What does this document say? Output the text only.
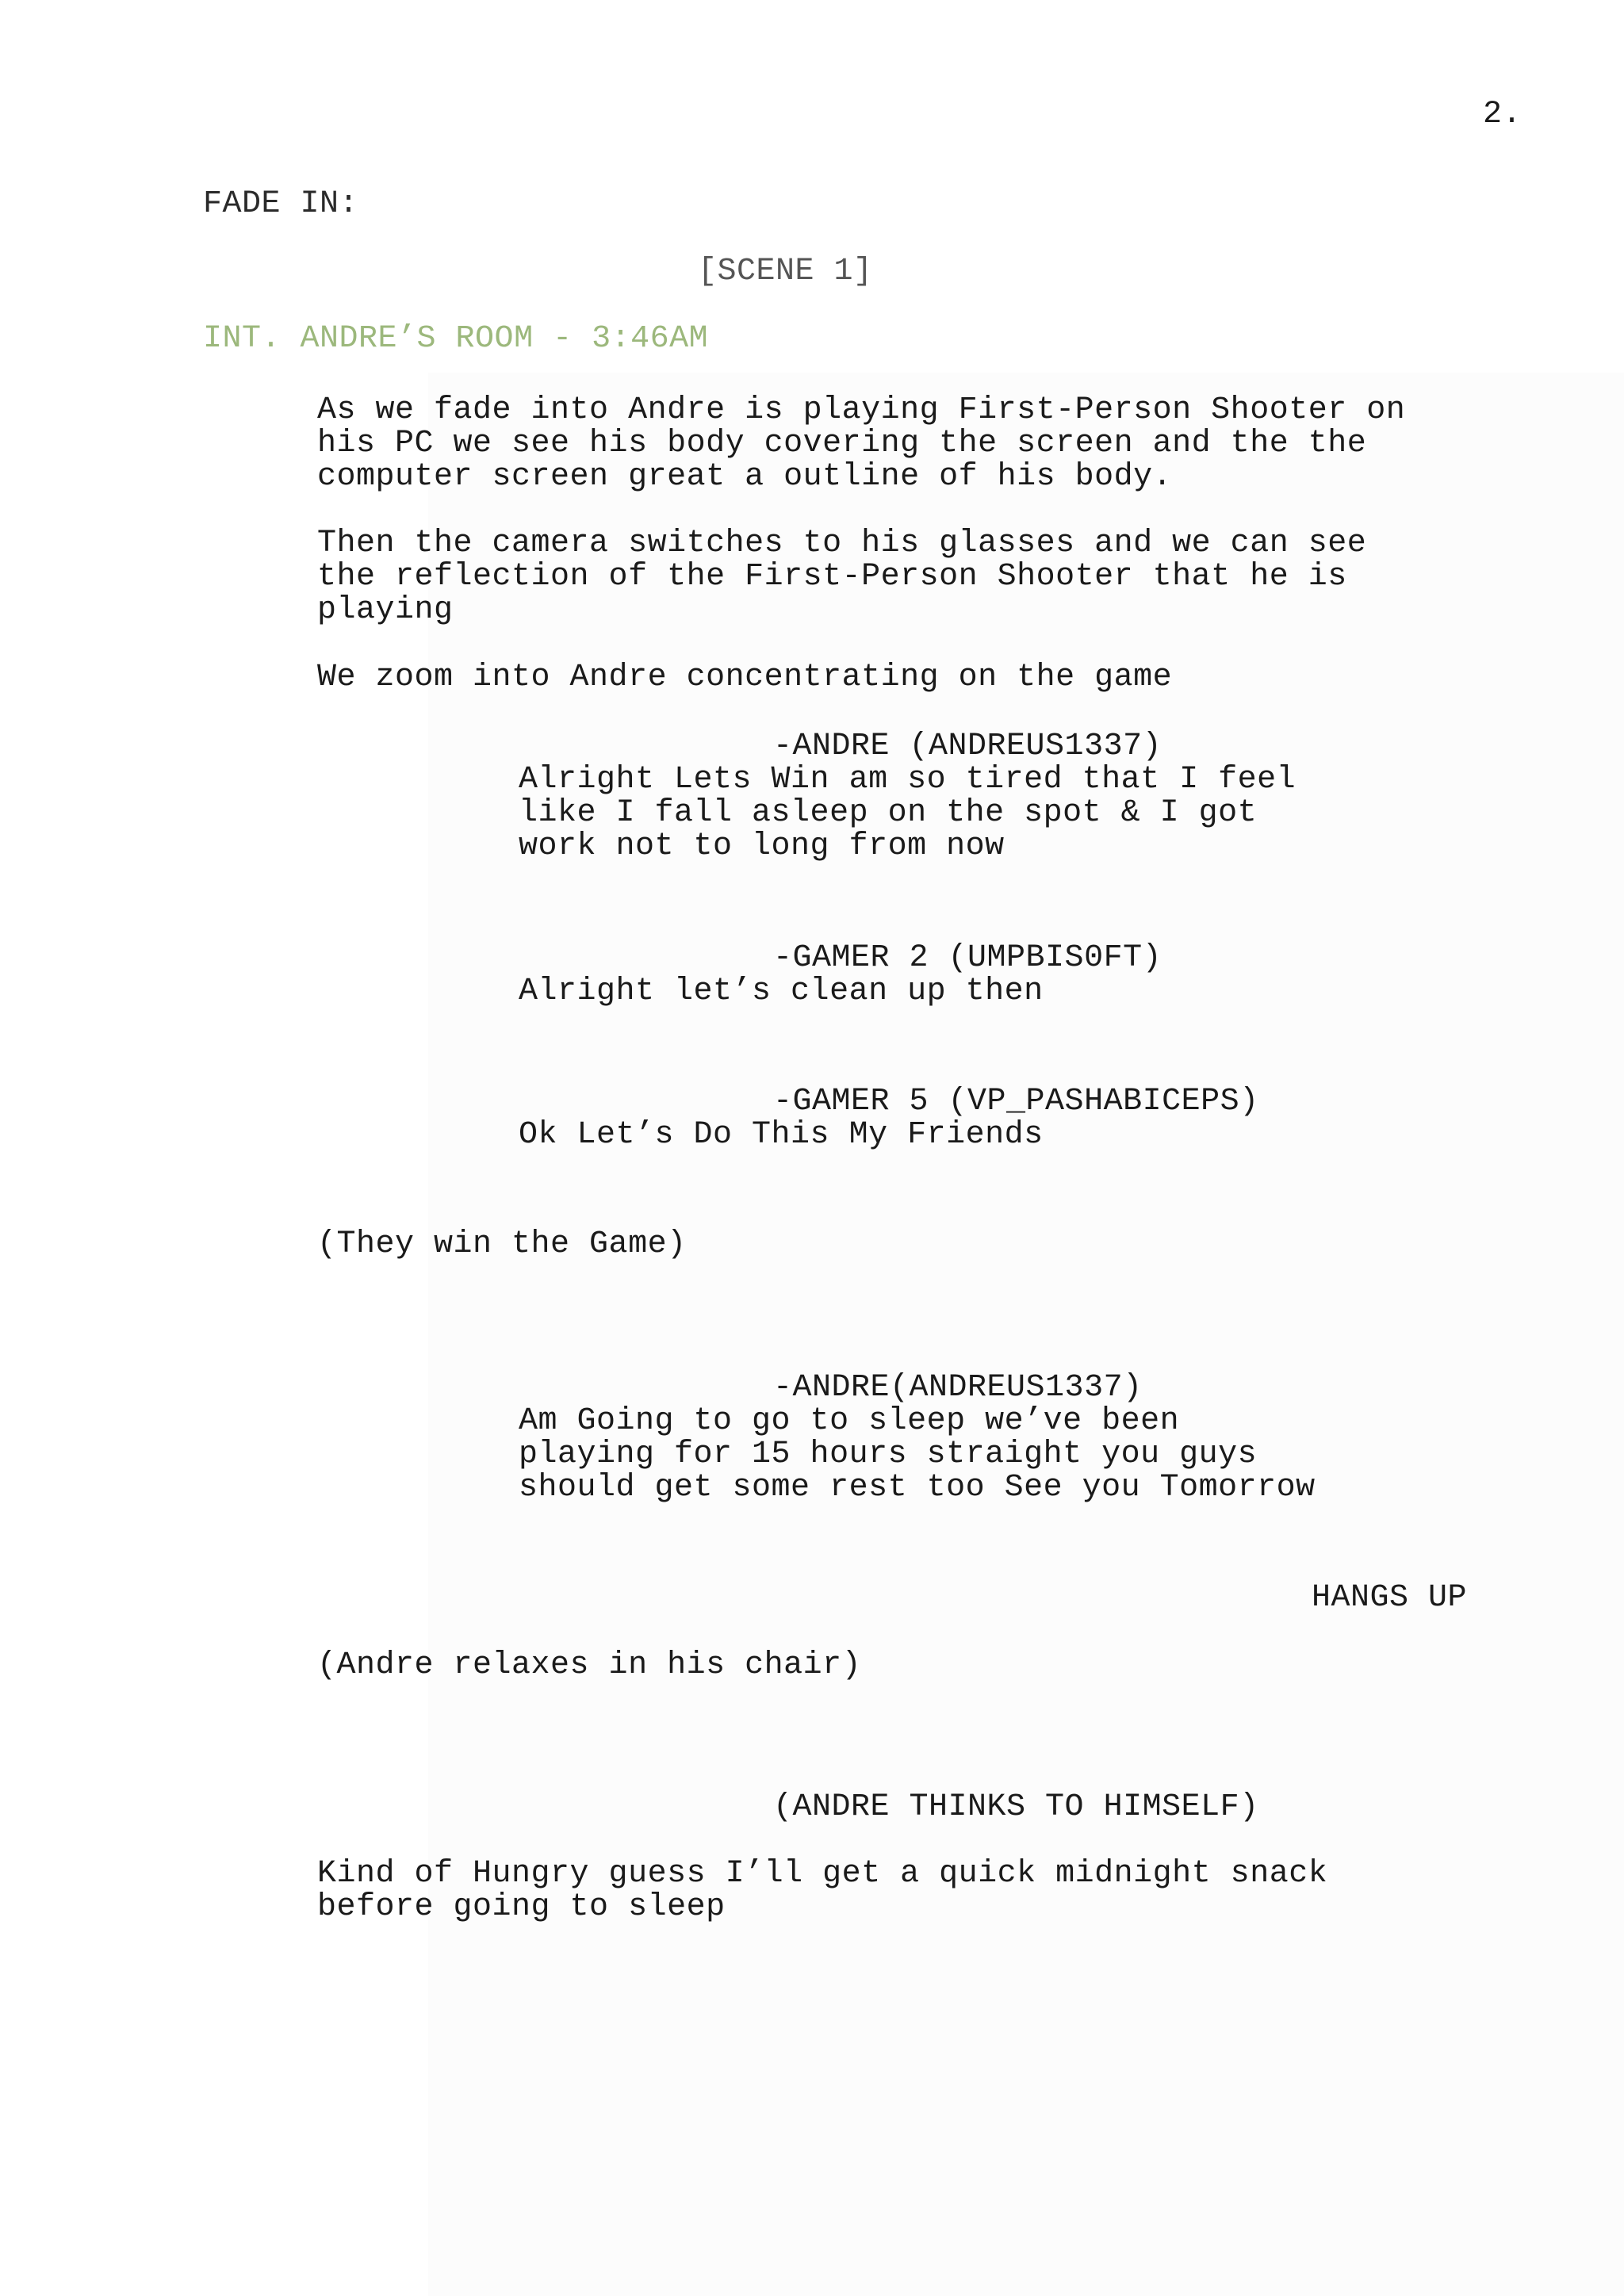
2.

FADE IN:

[SCENE 1]

INT. ANDRE’S ROOM - 3:46AM

As we fade into Andre is playing First-Person Shooter on
his PC we see his body covering the screen and the the
computer screen great a outline of his body.

Then the camera switches to his glasses and we can see
the reflection of the First-Person Shooter that he is
playing

We zoom into Andre concentrating on the game

-ANDRE (ANDREUS1337)

Alright Lets Win am so tired that I feel
like I fall asleep on the spot & I got
work not to long from now

-GAMER 2 (UMPBIS0FT)

Alright let’s clean up then

-GAMER 5 (VP_PASHABICEPS)

Ok Let’s Do This My Friends

(They win the Game)

-ANDRE(ANDREUS1337)

Am Going to go to sleep we’ve been
playing for 15 hours straight you guys
should get some rest too See you Tomorrow

HANGS UP

(Andre relaxes in his chair)

(ANDRE THINKS TO HIMSELF)

Kind of Hungry guess I’ll get a quick midnight snack
before going to sleep
